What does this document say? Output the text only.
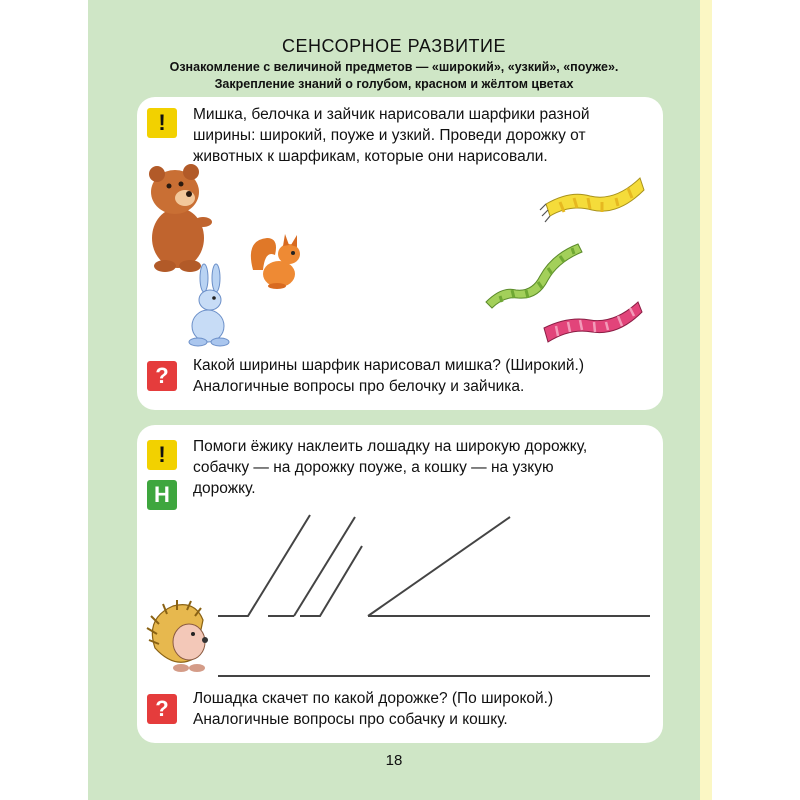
СЕНСОРНОЕ РАЗВИТИЕ
Ознакомление с величиной предметов — «широкий», «узкий», «поуже».
Закрепление знаний о голубом, красном и жёлтом цветах
!	Мишка, белочка и зайчик нарисовали шарфики разной
ширины: широкий, поуже и узкий. Проведи дорожку от
животных к шарфикам, которые они нарисовали.
?	Какой ширины шарфик нарисовал мишка? (Широкий.)
Аналогичные вопросы про белочку и зайчика.
!
Н
Помоги ёжику наклеить лошадку на широкую дорожку,
собачку — на дорожку поуже, а кошку — на узкую
дорожку.
?	Лошадка скачет по какой дорожке? (По широкой.)
Аналогичные вопросы про собачку и кошку.
18
